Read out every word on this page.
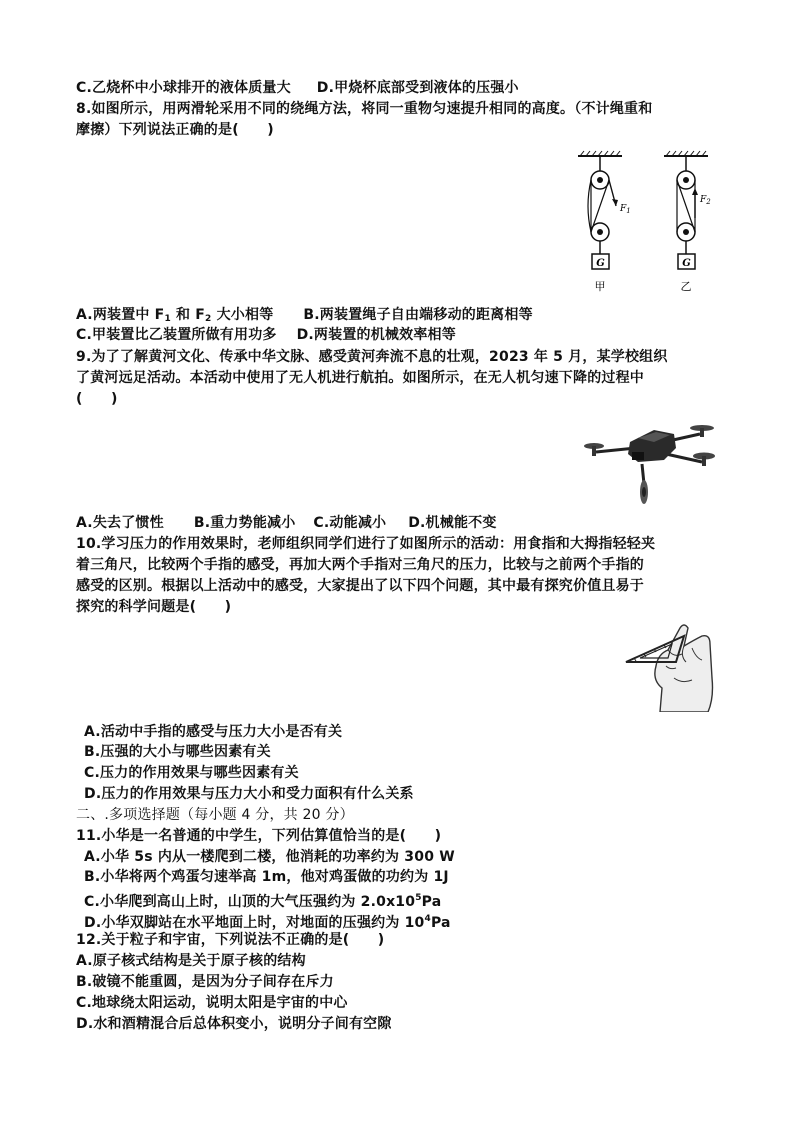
C.乙烧杯中小球排开的液体质量大 D.甲烧杯底部受到液体的压强小
8.如图所示，用两滑轮采用不同的绕绳方法，将同一重物匀速提升相同的高度。（不计绳重和
摩擦）下列说法正确的是(　　)
G
$F_1$
甲
G
$F_2$
乙
A.两装置中 $F_1$ 和 $F_2$ 大小相等 B.两装置绳子自由端移动的距离相等
C.甲装置比乙装置所做有用功多 D.两装置的机械效率相等
9.为了了解黄河文化、传承中华文脉、感受黄河奔流不息的壮观，2023 年 5 月，某学校组织
了黄河远足活动。本活动中使用了无人机进行航拍。如图所示，在无人机匀速下降的过程中
(　　)
A.失去了惯性 B.重力势能减小 C.动能减小 D.机械能不变
10.学习压力的作用效果时，老师组织同学们进行了如图所示的活动：用食指和大拇指轻轻夹
着三角尺，比较两个手指的感受，再加大两个手指对三角尺的压力，比较与之前两个手指的
感受的区别。根据以上活动中的感受，大家提出了以下四个问题，其中最有探究价值且易于
探究的科学问题是(　　)
A.活动中手指的感受与压力大小是否有关
B.压强的大小与哪些因素有关
C.压力的作用效果与哪些因素有关
D.压力的作用效果与压力大小和受力面积有什么关系
二、.多项选择题（每小题 4 分，共 20 分）
11.小华是一名普通的中学生，下列估算值恰当的是(　　)
A.小华 5s 内从一楼爬到二楼，他消耗的功率约为 300 W
B.小华将两个鸡蛋匀速举高 1m，他对鸡蛋做的功约为 1J
C.小华爬到高山上时，山顶的大气压强约为 $2.0x10^5Pa$
D.小华双脚站在水平地面上时，对地面的压强约为 $10^4Pa$
12.关于粒子和宇宙，下列说法不正确的是(　　)
A.原子核式结构是关于原子核的结构
B.破镜不能重圆，是因为分子间存在斥力
C.地球绕太阳运动，说明太阳是宇宙的中心
D.水和酒精混合后总体积变小，说明分子间有空隙
